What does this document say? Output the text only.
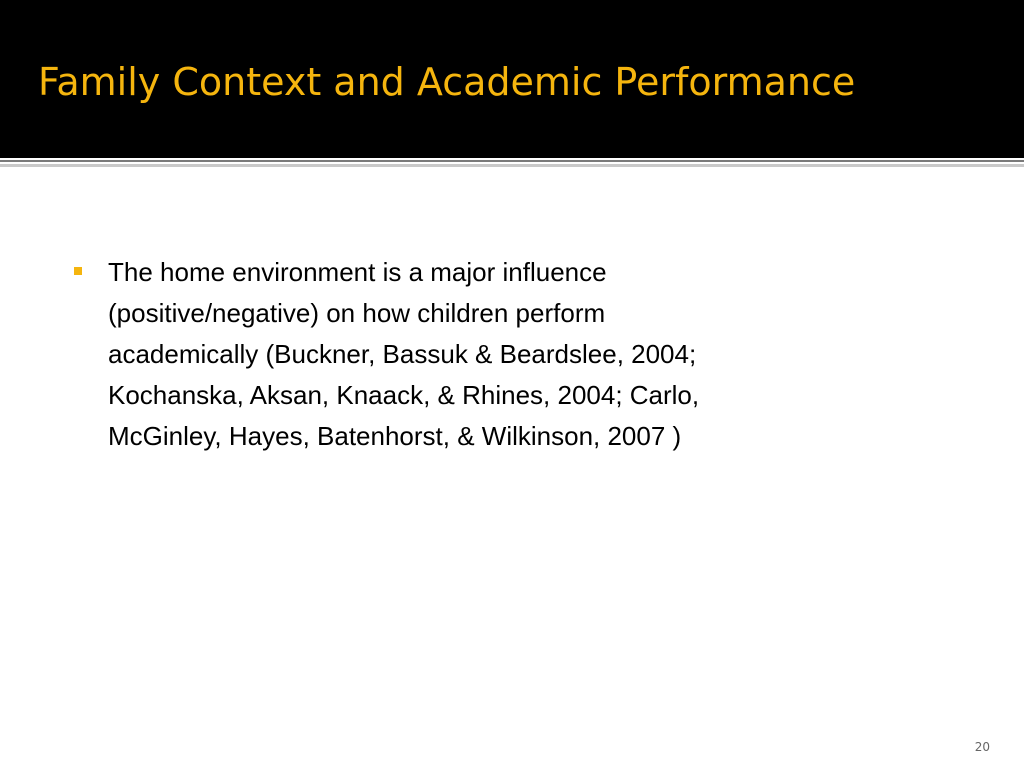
Family Context and Academic Performance
The home environment is a major influence
(positive/negative) on how children perform
academically (Buckner, Bassuk & Beardslee, 2004;
Kochanska, Aksan, Knaack, & Rhines, 2004; Carlo,
McGinley, Hayes, Batenhorst, & Wilkinson, 2007 )
20
